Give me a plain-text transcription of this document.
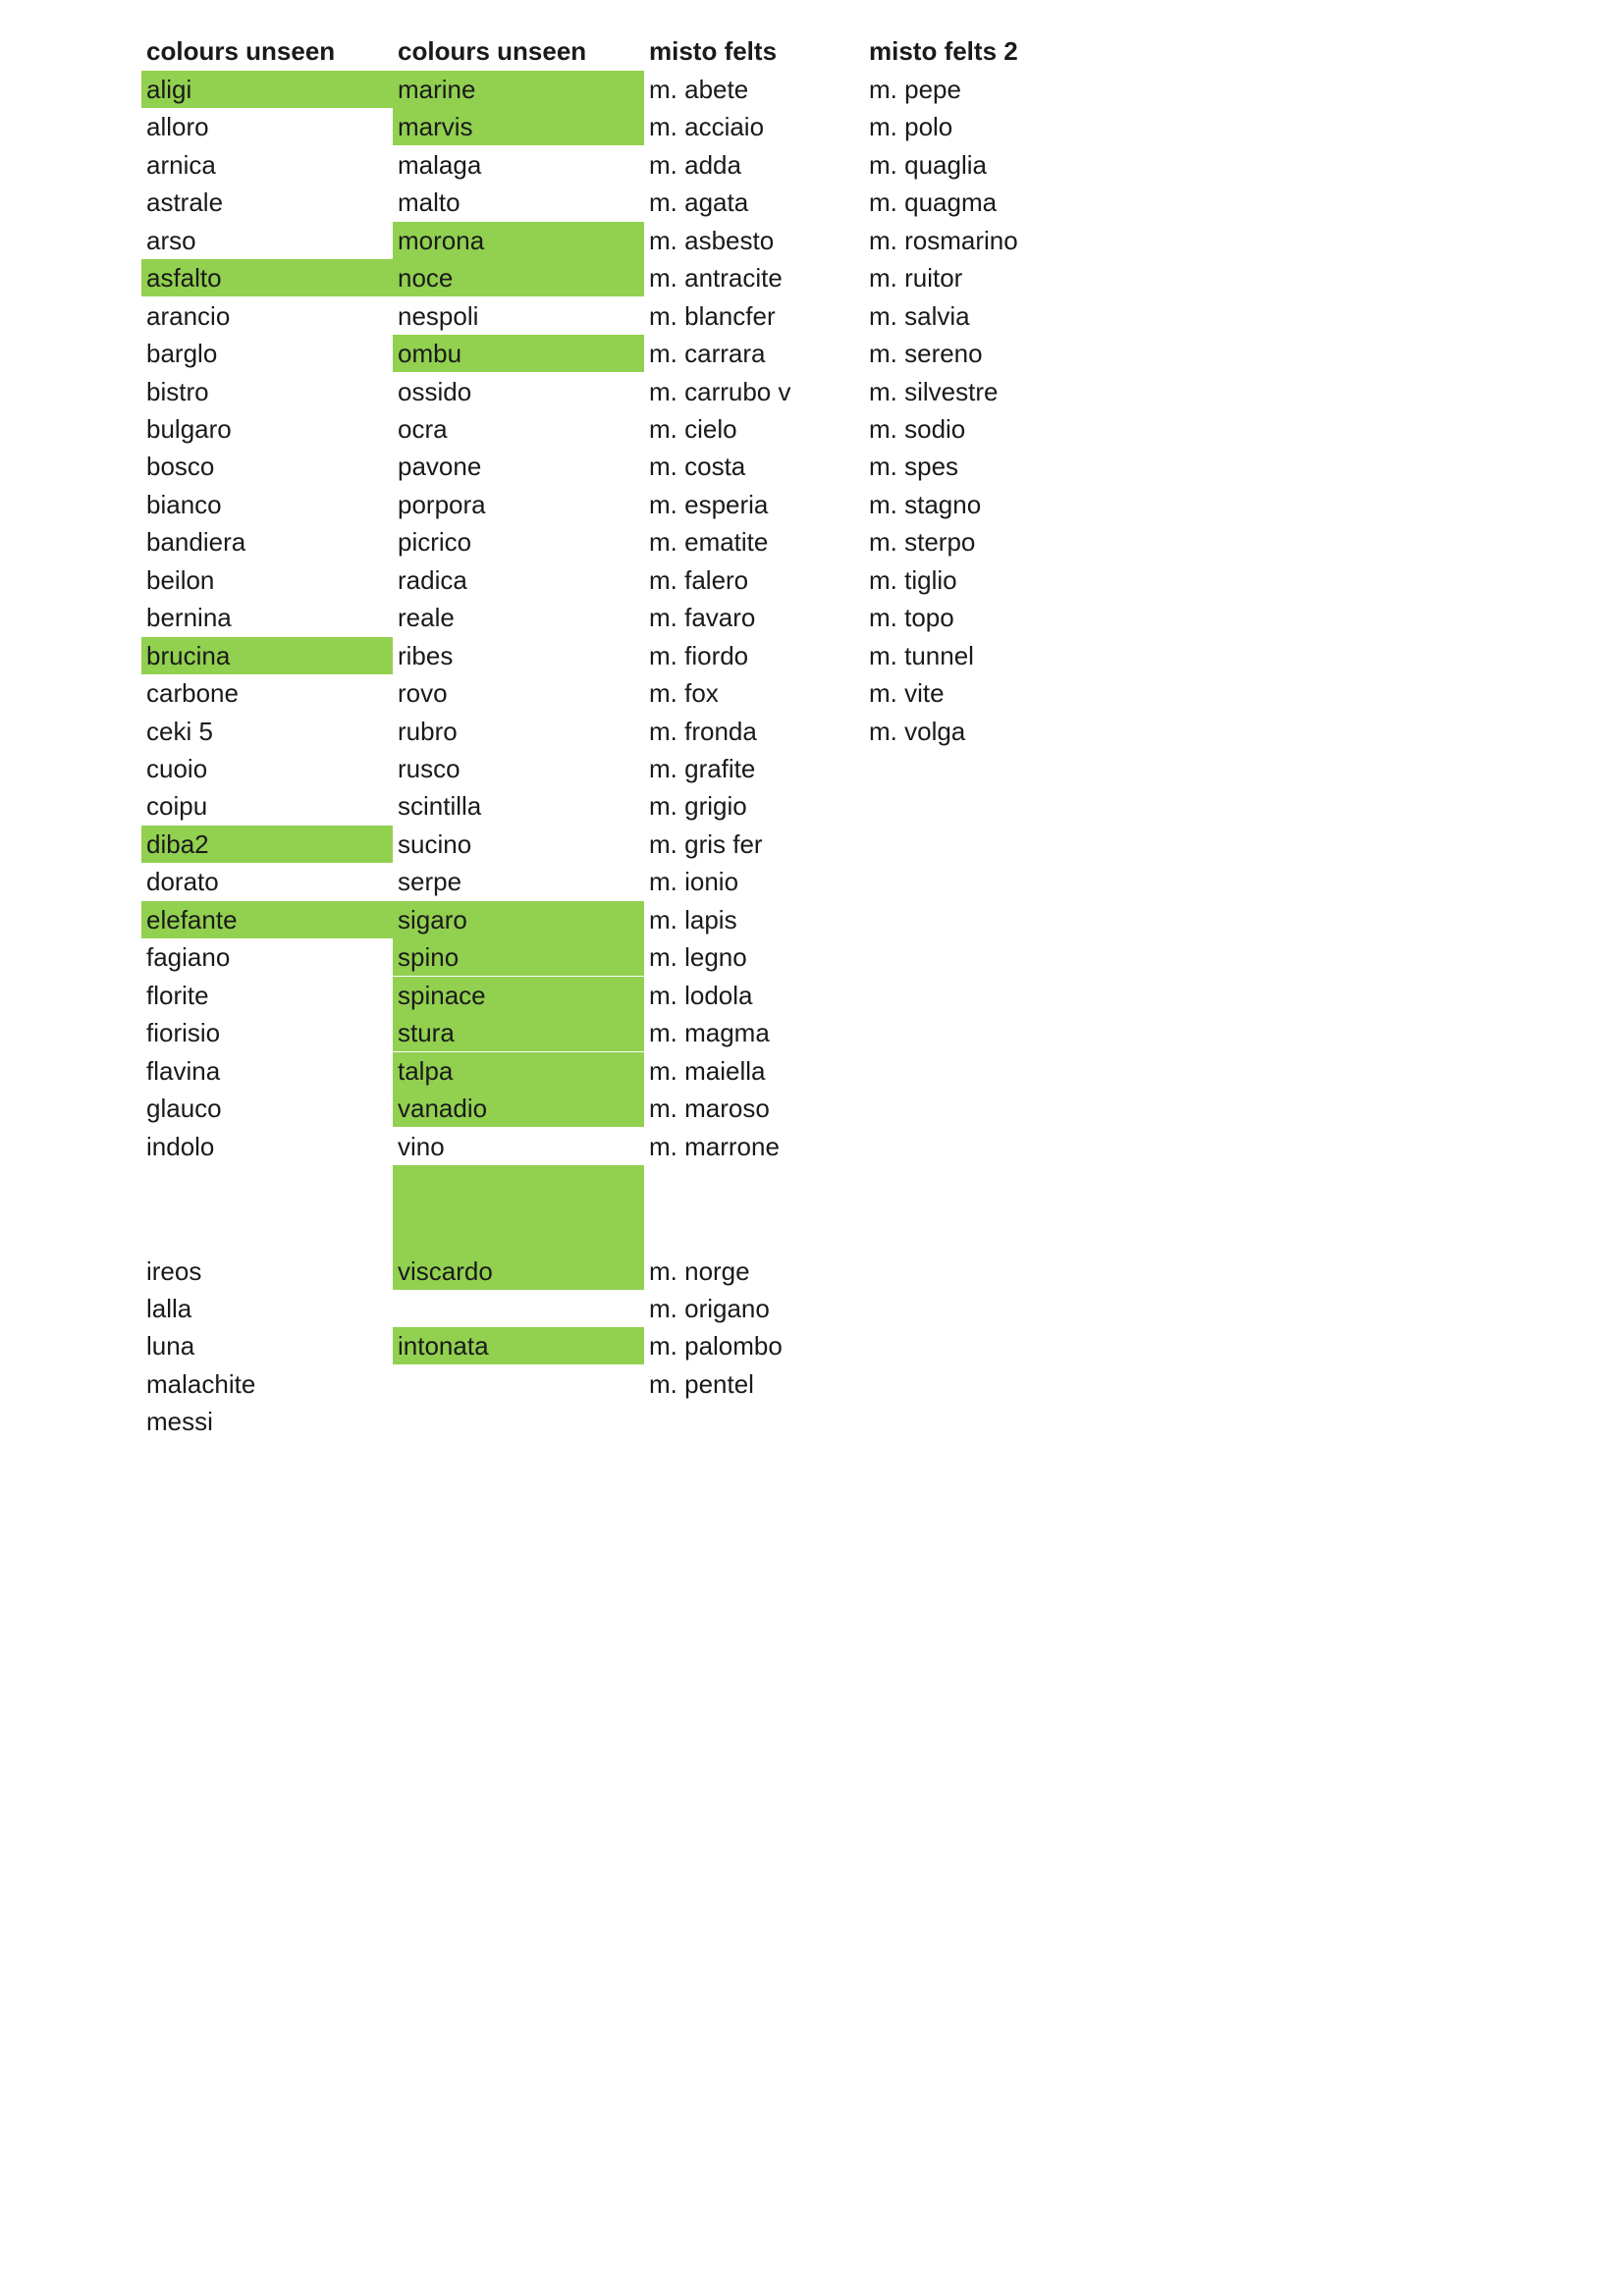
colours unseen
aligi
alloro
arnica
astrale
arso
asfalto
arancio
barglo
bistro
bulgaro
bosco
bianco
bandiera
beilon
bernina
brucina
carbone
ceki 5
cuoio
coipu
diba2
dorato
elefante
fagiano
florite
fiorisio
flavina
glauco
indolo
ireos
lalla
luna
malachite
messi
colours unseen
marine
marvis
malaga
malto
morona
noce
nespoli
ombu
ossido
ocra
pavone
porpora
picrico
radica
reale
ribes
rovo
rubro
rusco
scintilla
sucino
serpe
sigaro
spino
spinace
stura
talpa
vanadio
vino
viscardo
intonata
misto felts
m. abete
m. acciaio
m. adda
m. agata
m. asbesto
m. antracite
m. blancfer
m. carrara
m. carrubo v
m. cielo
m. costa
m. esperia
m. ematite
m. falero
m. favaro
m. fiordo
m. fox
m. fronda
m. grafite
m. grigio
m. gris fer
m. ionio
m. lapis
m. legno
m. lodola
m. magma
m. maiella
m. maroso
m. marrone
m. norge
m. origano
m. palombo
m. pentel
misto felts 2
m. pepe
m. polo
m. quaglia
m. quagma
m. rosmarino
m. ruitor
m. salvia
m. sereno
m. silvestre
m. sodio
m. spes
m. stagno
m. sterpo
m. tiglio
m. topo
m. tunnel
m. vite
m. volga
